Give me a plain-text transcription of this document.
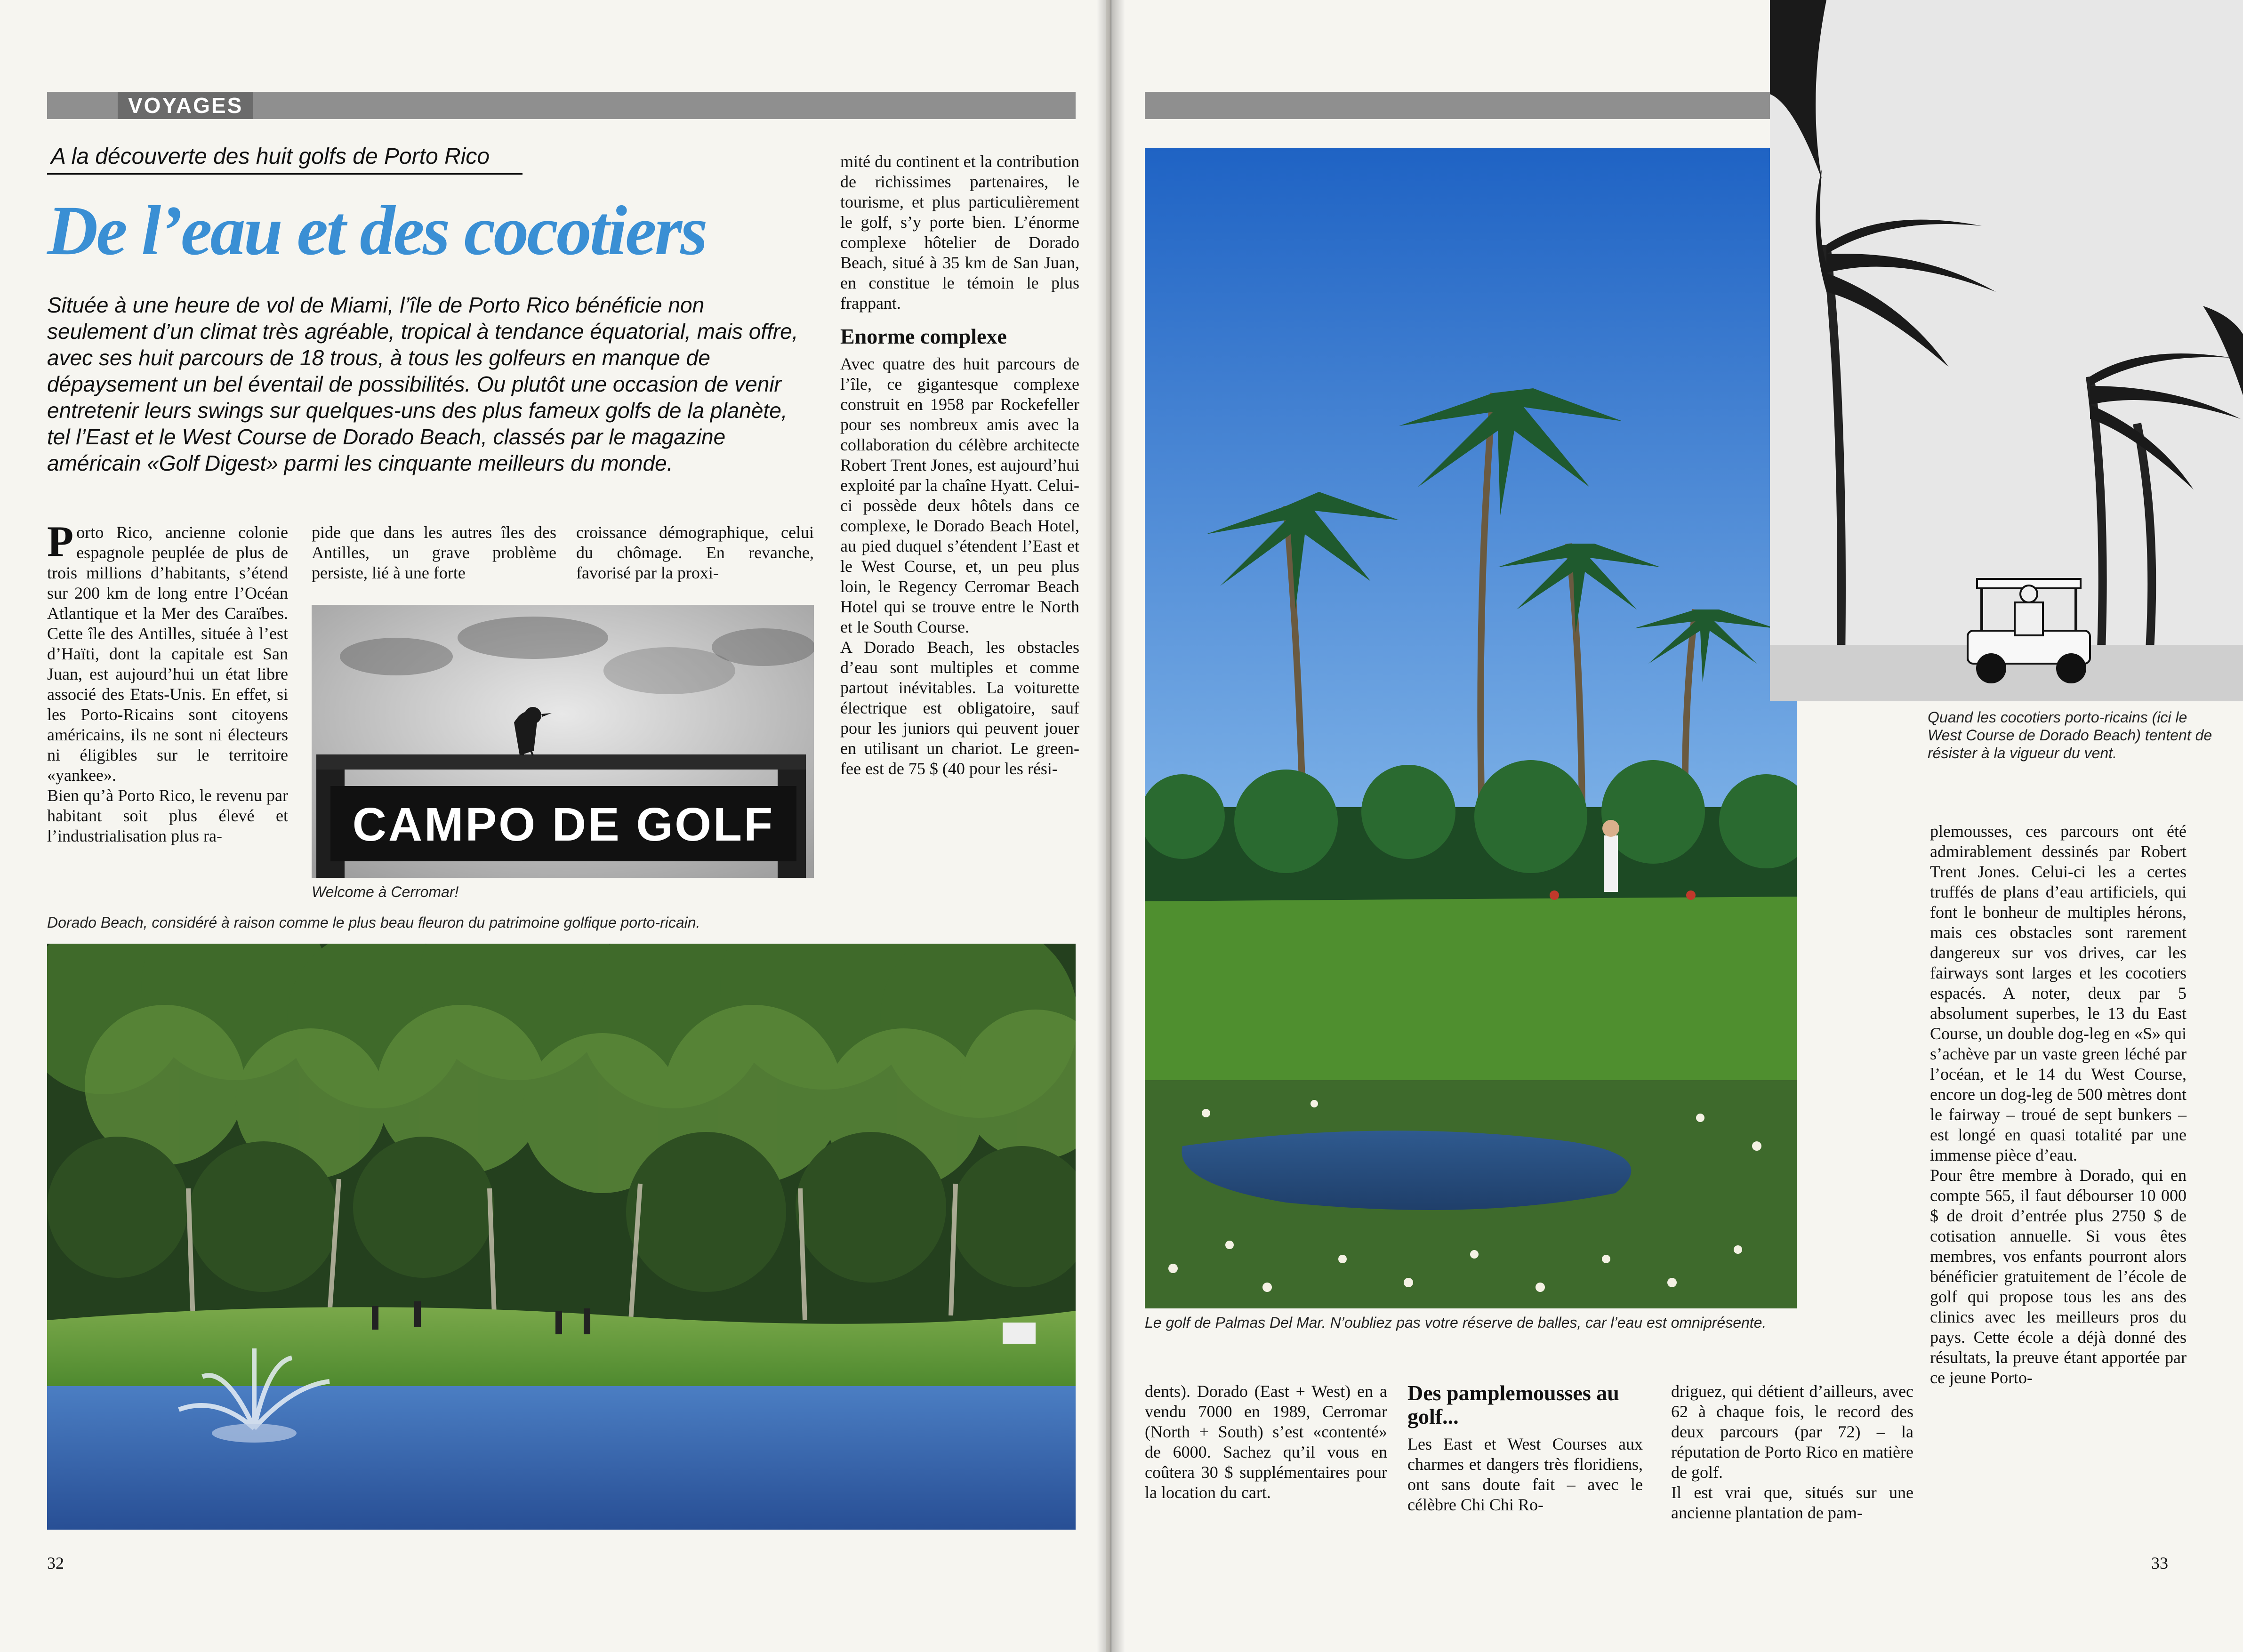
VOYAGES
A la découverte des huit golfs de Porto Rico
De l’eau et des cocotiers
Située à une heure de vol de Miami, l’île de Porto Rico bénéficie non seulement d’un climat très agréable, tropical à tendance équatorial, mais offre, avec ses huit parcours de 18 trous, à tous les golfeurs en manque de dépaysement un bel éventail de possibilités. Ou plutôt une occasion de venir entretenir leurs swings sur quelques-uns des plus fameux golfs de la planète, tel l’East et le West Course de Dorado Beach, classés par le magazine américain «Golf Digest» parmi les cinquante meilleurs du monde.

Porto Rico, ancienne colonie espagnole peuplée de plus de trois millions d’habitants, s’étend sur 200 km de long entre l’Océan Atlantique et la Mer des Caraïbes. Cette île des Antilles, située à l’est d’Haïti, dont la capitale est San Juan, est aujourd’hui un état libre associé des Etats-Unis. En effet, si les Porto-Ricains sont citoyens américains, ils ne sont ni électeurs ni éligibles sur le territoire «yankee».

Bien qu’à Porto Rico, le revenu par habitant soit plus élevé et l’industrialisation plus ra-

pide que dans les autres îles des Antilles, un grave problème persiste, lié à une forte
croissance démographique, celui du chômage. En revanche, favorisé par la proxi-

mité du continent et la contribution de richissimes partenaires, le tourisme, et plus particulièrement le golf, s’y porte bien. L’énorme complexe hôtelier de Dorado Beach, situé à 35 km de San Juan, en constitue le témoin le plus frappant.

Enorme complexe

Avec quatre des huit parcours de l’île, ce gigantesque complexe construit en 1958 par Rockefeller pour ses nombreux amis avec la collaboration du célèbre architecte Robert Trent Jones, est aujourd’hui exploité par la chaîne Hyatt. Celui-ci possède deux hôtels dans ce complexe, le Dorado Beach Hotel, au pied duquel s’étendent l’East et le West Course, et, un peu plus loin, le Regency Cerromar Beach Hotel qui se trouve entre le North et le South Course.

A Dorado Beach, les obstacles d’eau sont multiples et comme partout inévitables. La voiturette électrique est obligatoire, sauf pour les juniors qui peuvent jouer en utilisant un chariot. Le green-fee est de 75 $ (40 pour les rési-

CAMPO DE GOLF
Welcome à Cerromar!
Dorado Beach, considéré à raison comme le plus beau fleuron du patrimoine golfique porto-ricain.
32
Quand les cocotiers porto-ricains (ici le West Course de Dorado Beach) tentent de résister à la vigueur du vent.
Le golf de Palmas Del Mar. N’oubliez pas votre réserve de balles, car l’eau est omniprésente.

plemousses, ces parcours ont été admirablement dessinés par Robert Trent Jones. Celui-ci les a certes truffés de plans d’eau artificiels, qui font le bonheur de multiples hérons, mais ces obstacles sont rarement dangereux sur vos drives, car les fairways sont larges et les cocotiers espacés. A noter, deux par 5 absolument superbes, le 13 du East Course, un double dog-leg en «S» qui s’achève par un vaste green léché par l’océan, et le 14 du West Course, encore un dog-leg de 500 mètres dont le fairway – troué de sept bunkers – est longé en quasi totalité par une immense pièce d’eau.

Pour être membre à Dorado, qui en compte 565, il faut débourser 10 000 $ de droit d’entrée plus 2750 $ de cotisation annuelle. Si vous êtes membres, vos enfants pourront alors bénéficier gratuitement de l’école de golf qui propose tous les ans des clinics avec les meilleurs pros du pays. Cette école a déjà donné des résultats, la preuve étant apportée par ce jeune Porto-

dents). Dorado (East + West) en a vendu 7000 en 1989, Cerromar (North + South) s’est «contenté» de 6000. Sachez qu’il vous en coûtera 30 $ supplémentaires pour la location du cart.
Des pamplemousses au golf...
Les East et West Courses aux charmes et dangers très floridiens, ont sans doute fait – avec le célèbre Chi Chi Ro-

driguez, qui détient d’ailleurs, avec 62 à chaque fois, le record des deux parcours (par 72) – la réputation de Porto Rico en matière de golf.

Il est vrai que, situés sur une ancienne plantation de pam-

33
